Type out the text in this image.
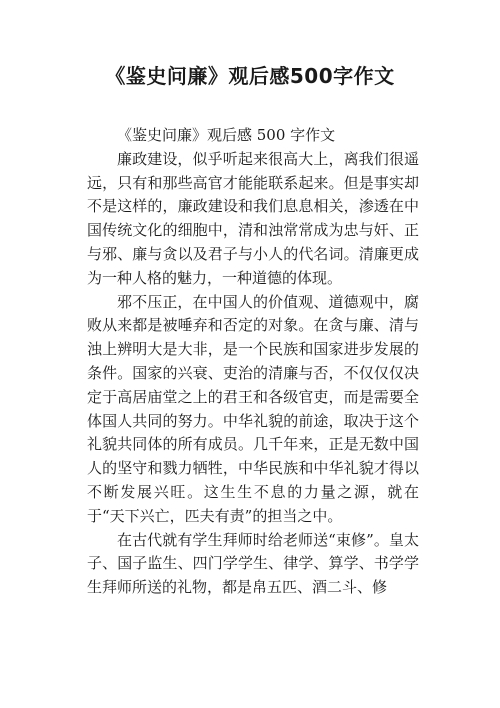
《鉴史问廉》观后感500字作文

《鉴史问廉》观后感 500 字作文

廉政建设，似乎听起来很高大上，离我们很遥远，只有和那些高官才能能联系起来。但是事实却不是这样的，廉政建设和我们息息相关，渗透在中国传统文化的细胞中，清和浊常常成为忠与奸、正与邪、廉与贪以及君子与小人的代名词。清廉更成为一种人格的魅力，一种道德的体现。

邪不压正，在中国人的价值观、道德观中，腐败从来都是被唾弃和否定的对象。在贪与廉、清与浊上辨明大是大非，是一个民族和国家进步发展的条件。国家的兴衰、吏治的清廉与否，不仅仅仅决定于高居庙堂之上的君王和各级官吏，而是需要全体国人共同的努力。中华礼貌的前途，取决于这个礼貌共同体的所有成员。几千年来，正是无数中国人的坚守和戮力牺牲，中华民族和中华礼貌才得以不断发展兴旺。这生生不息的力量之源，就在于“天下兴亡，匹夫有责”的担当之中。

在古代就有学生拜师时给老师送“束修”。皇太子、国子监生、四门学学生、律学、算学、书学学生拜师所送的礼物，都是帛五匹、酒二斗、修
